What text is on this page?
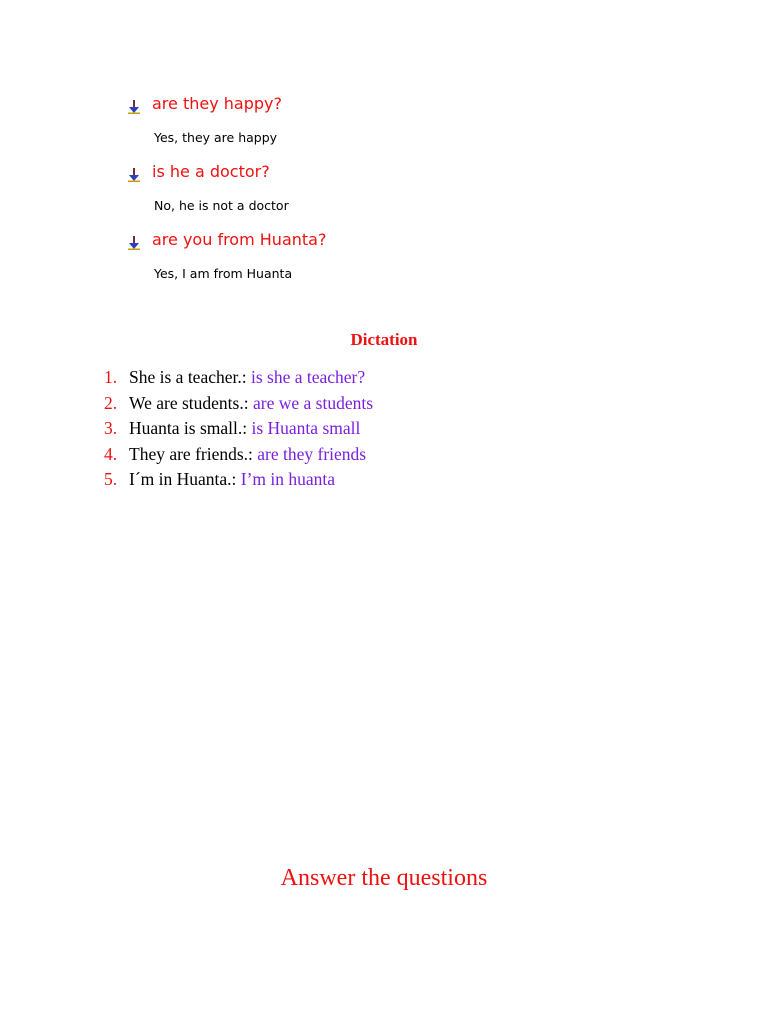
are they happy?
Yes, they are happy
is he a doctor?
No, he is not a doctor
are you from Huanta?
Yes, I am from Huanta
Dictation
1. She is a teacher.: is she a teacher?
2. We are students.: are we a students
3. Huanta is small.: is Huanta small
4. They are friends.: are they friends
5. I´m in Huanta.: I’m in huanta
Answer the questions
